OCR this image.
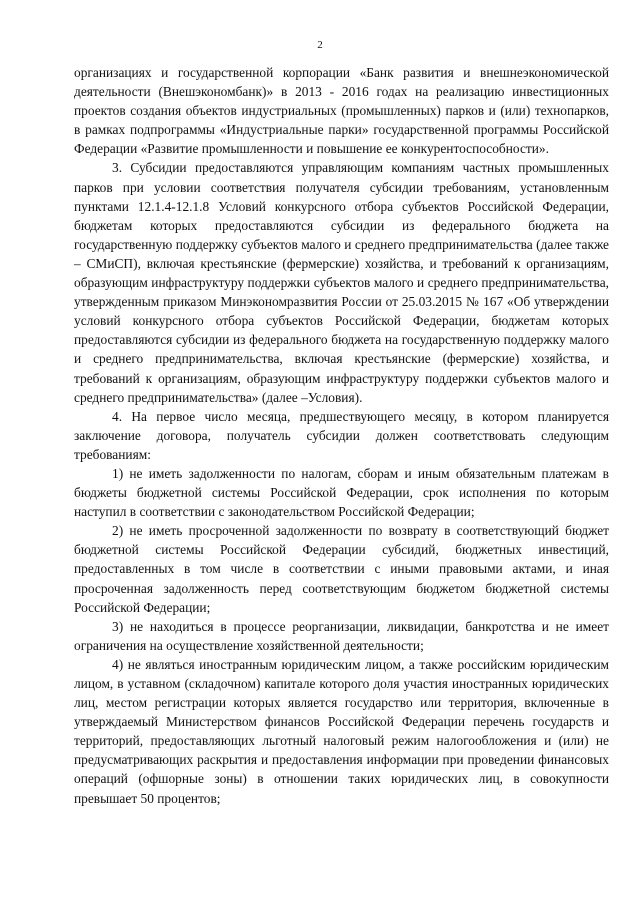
2

организациях и государственной корпорации «Банк развития и внешнеэкономической деятельности (Внешэкономбанк)» в 2013 - 2016 годах на реализацию инвестиционных проектов создания объектов индустриальных (промышленных) парков и (или) технопарков, в рамках подпрограммы «Индустриальные парки» государственной программы Российской Федерации «Развитие промышленности и повышение ее конкурентоспособности».

3. Субсидии предоставляются управляющим компаниям частных промышленных парков при условии соответствия получателя субсидии требованиям, установленным пунктами 12.1.4-12.1.8 Условий конкурсного отбора субъектов Российской Федерации, бюджетам которых предоставляются субсидии из федерального бюджета на государственную поддержку субъектов малого и среднего предпринимательства (далее также – СМиСП), включая крестьянские (фермерские) хозяйства, и требований к организациям, образующим инфраструктуру поддержки субъектов малого и среднего предпринимательства, утвержденным приказом Минэкономразвития России от 25.03.2015 № 167 «Об утверждении условий конкурсного отбора субъектов Российской Федерации, бюджетам которых предоставляются субсидии из федерального бюджета на государственную поддержку малого и среднего предпринимательства, включая крестьянские (фермерские) хозяйства, и требований к организациям, образующим инфраструктуру поддержки субъектов малого и среднего предпринимательства» (далее –Условия).

4. На первое число месяца, предшествующего месяцу, в котором планируется заключение договора, получатель субсидии должен соответствовать следующим требованиям:

1) не иметь задолженности по налогам, сборам и иным обязательным платежам в бюджеты бюджетной системы Российской Федерации, срок исполнения по которым наступил в соответствии с законодательством Российской Федерации;

2) не иметь просроченной задолженности по возврату в соответствующий бюджет бюджетной системы Российской Федерации субсидий, бюджетных инвестиций, предоставленных в том числе в соответствии с иными правовыми актами, и иная просроченная задолженность перед соответствующим бюджетом бюджетной системы Российской Федерации;

3) не находиться в процессе реорганизации, ликвидации, банкротства и не имеет ограничения на осуществление хозяйственной деятельности;

4) не являться иностранным юридическим лицом, а также российским юридическим лицом, в уставном (складочном) капитале которого доля участия иностранных юридических лиц, местом регистрации которых является государство или территория, включенные в утверждаемый Министерством финансов Российской Федерации перечень государств и территорий, предоставляющих льготный налоговый режим налогообложения и (или) не предусматривающих раскрытия и предоставления информации при проведении финансовых операций (офшорные зоны) в отношении таких юридических лиц, в совокупности превышает 50 процентов;
